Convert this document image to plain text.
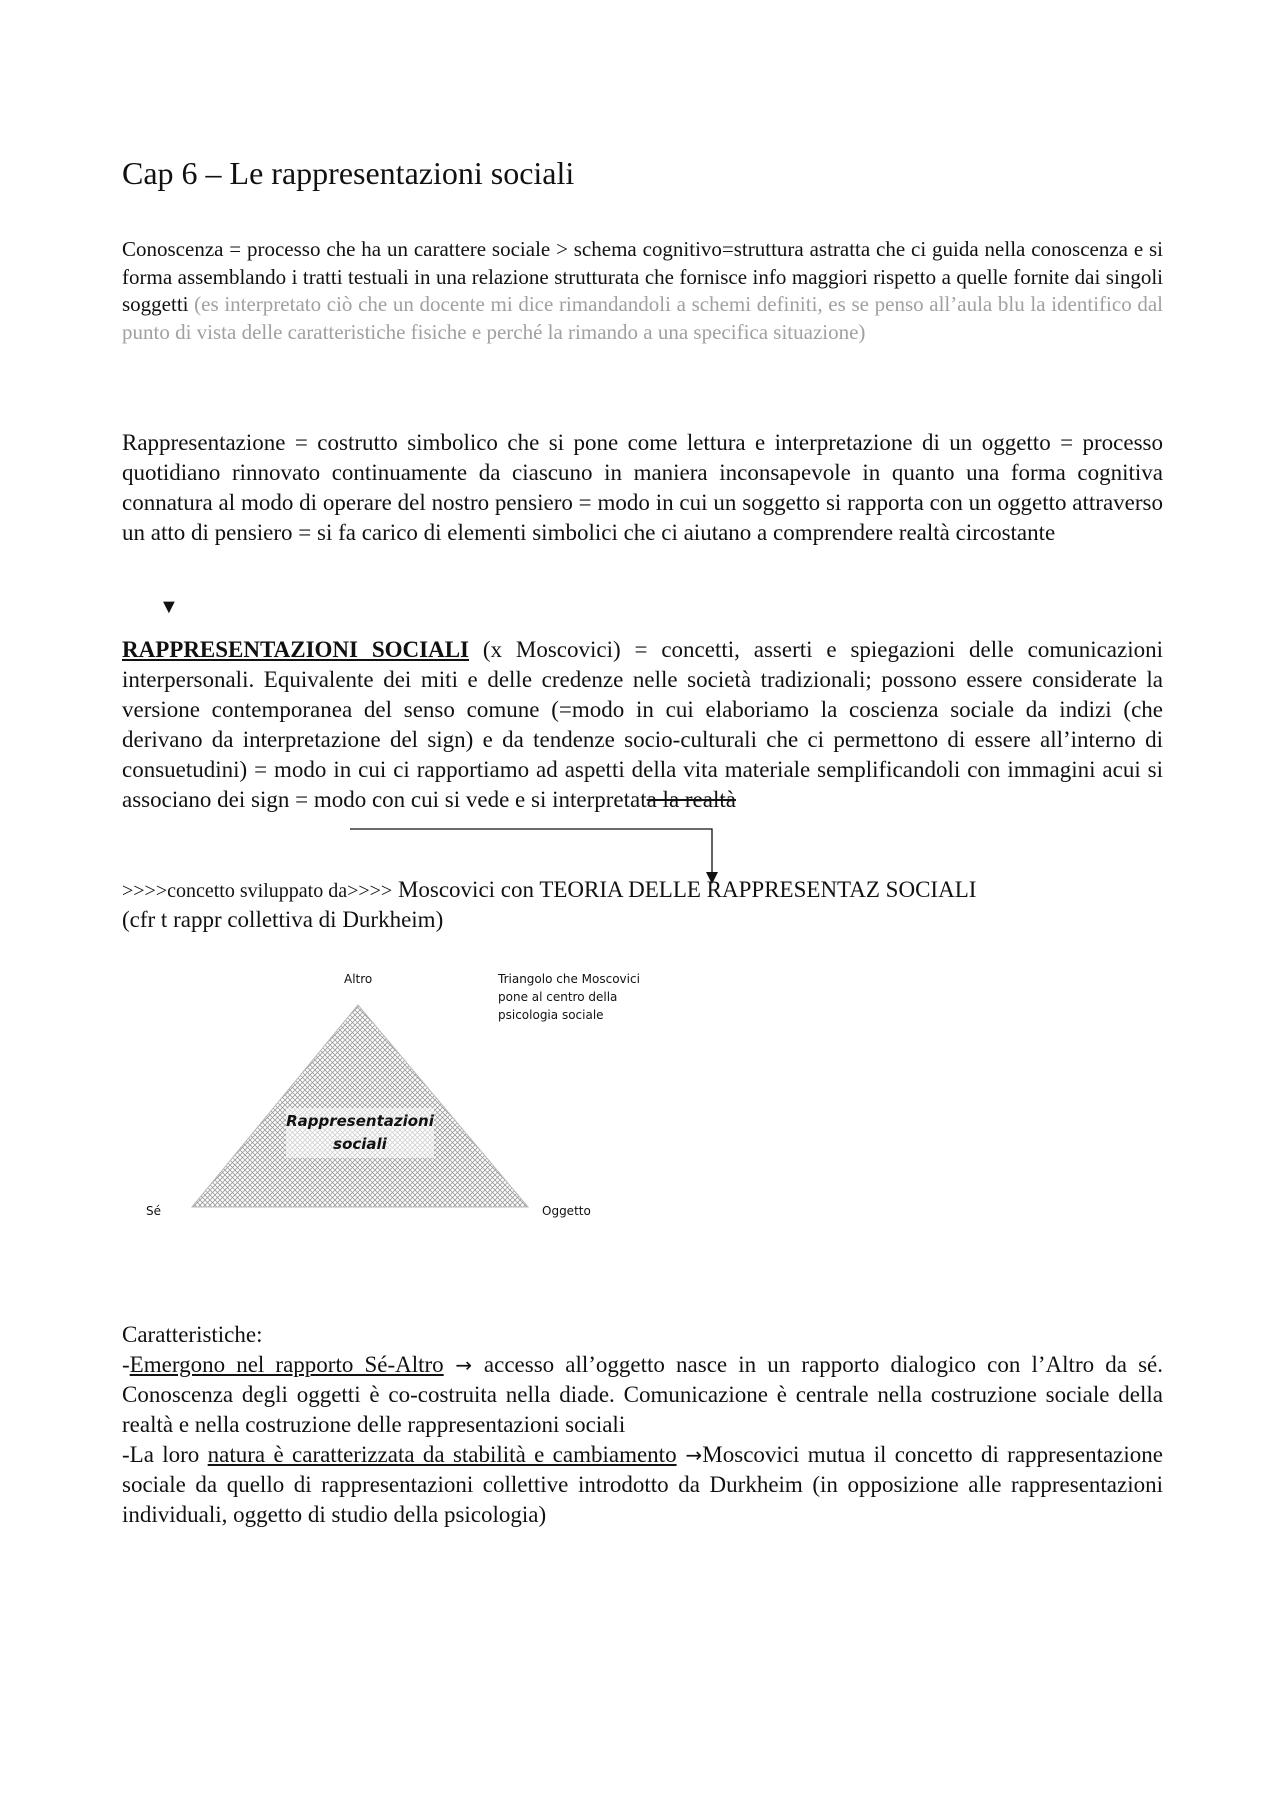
Cap 6 – Le rappresentazioni sociali

Conoscenza = processo che ha un carattere sociale > schema cognitivo=struttura astratta che ci guida nella conoscenza e si forma assemblando i tratti testuali in una relazione strutturata che fornisce info maggiori rispetto a quelle fornite dai singoli soggetti (es interpretato ciò che un docente mi dice rimandandoli a schemi definiti, es se penso all’aula blu la identifico dal punto di vista delle caratteristiche fisiche e perché la rimando a una specifica situazione)

Rappresentazione = costrutto simbolico che si pone come lettura e interpretazione di un oggetto = processo quotidiano rinnovato continuamente da ciascuno in maniera inconsapevole in quanto una forma cognitiva connatura al modo di operare del nostro pensiero = modo in cui un soggetto si rapporta con un oggetto attraverso un atto di pensiero = si fa carico di elementi simbolici che ci aiutano a comprendere realtà circostante

▼

RAPPRESENTAZIONI SOCIALI (x Moscovici) = concetti, asserti e spiegazioni delle comunicazioni interpersonali. Equivalente dei miti e delle credenze nelle società tradizionali; possono essere considerate la versione contemporanea del senso comune (=modo in cui elaboriamo la coscienza sociale da indizi (che derivano da interpretazione del sign) e da tendenze socio-culturali che ci permettono di essere all’interno di consuetudini) = modo in cui ci rapportiamo ad aspetti della vita materiale semplificandoli con immagini acui si associano dei sign = modo con cui si vede e si interpretata la realtà

>>>>concetto sviluppato da>>>> Moscovici con TEORIA DELLE RAPPRESENTAZ SOCIALI
(cfr t rappr collettiva di Durkheim)
Altro
Sé	Oggetto
Triangolo che Moscovici pone al centro della psicologia sociale
Rappresentazioni sociali
Caratteristiche:
-Emergono nel rapporto Sé-Altro → accesso all’oggetto nasce in un rapporto dialogico con l’Altro da sé. Conoscenza degli oggetti è co-costruita nella diade. Comunicazione è centrale nella costruzione sociale della realtà e nella costruzione delle rappresentazioni sociali
-La loro natura è caratterizzata da stabilità e cambiamento →Moscovici mutua il concetto di rappresentazione sociale da quello di rappresentazioni collettive introdotto da Durkheim (in opposizione alle rappresentazioni individuali, oggetto di studio della psicologia)
